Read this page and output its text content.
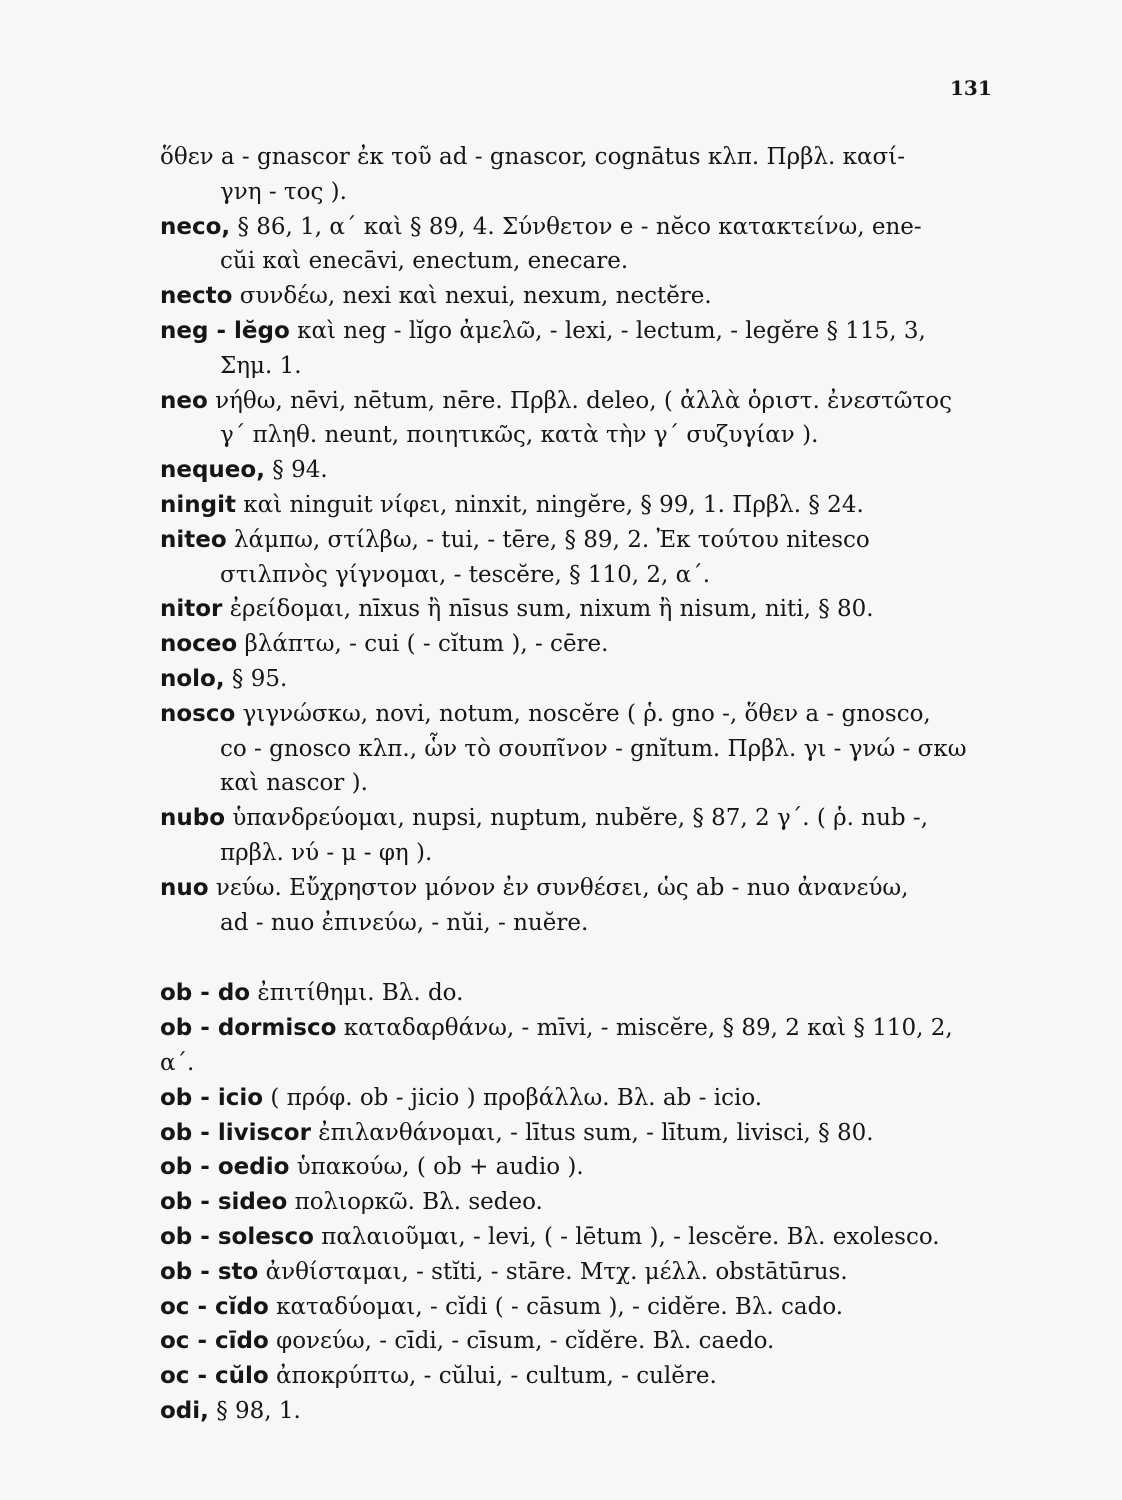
131
ὅθεν a - gnascor ἐκ τοῦ ad - gnascor, cognātus κλπ. Πρβλ. κασί-
γνη - τος ).
neco, § 86, 1, α΄ καὶ § 89, 4. Σύνθετον e - nĕco κατακτείνω, ene-
cŭi καὶ enecāvi, enectum, enecare.
necto συνδέω, nexi καὶ nexui, nexum, nectĕre.
neg - lĕgo καὶ neg - lĭgo ἀμελῶ, - lexi, - lectum, - legĕre § 115, 3,
Σημ. 1.
neo νήθω, nēvi, nētum, nēre. Πρβλ. deleo, ( ἀλλὰ ὁριστ. ἐνεστῶτος
γ΄ πληθ. neunt, ποιητικῶς, κατὰ τὴν γ΄ συζυγίαν ).
nequeo, § 94.
ningit καὶ ninguit νίφει, ninxit, ningĕre, § 99, 1. Πρβλ. § 24.
niteo λάμπω, στίλβω, - tui, - tēre, § 89, 2. Ἐκ τούτου nitesco
στιλπνὸς γίγνομαι, - tescĕre, § 110, 2, α΄.
nitor ἐρείδομαι, nīxus ἢ nīsus sum, nixum ἢ nisum, niti, § 80.
noceo βλάπτω, - cui ( - cĭtum ), - cēre.
nolo, § 95.
nosco γιγνώσκω, novi, notum, noscĕre ( ῥ. gno -, ὅθεν a - gnosco,
co - gnosco κλπ., ὧν τὸ σουπῖνον - gnĭtum. Πρβλ. γι - γνώ - σκω
καὶ nascor ).
nubo ὑπανδρεύομαι, nupsi, nuptum, nubĕre, § 87, 2 γ΄. ( ῥ. nub -,
πρβλ. νύ - μ - φη ).
nuo νεύω. Εὔχρηστον μόνον ἐν συνθέσει, ὡς ab - nuo ἀνανεύω,
ad - nuo ἐπινεύω, - nŭi, - nuĕre.
ob - do ἐπιτίθημι. Βλ. do.
ob - dormisco καταδαρθάνω, - mīvi, - miscĕre, § 89, 2 καὶ § 110, 2, α΄.
ob - icio ( πρόφ. ob - jicio ) προβάλλω. Βλ. ab - icio.
ob - liviscor ἐπιλανθάνομαι, - lītus sum, - lītum, livisci, § 80.
ob - oedio ὑπακούω, ( ob + audio ).
ob - sideo πολιορκῶ. Βλ. sedeo.
ob - solesco παλαιοῦμαι, - levi, ( - lētum ), - lescĕre. Βλ. exolesco.
ob - sto ἀνθίσταμαι, - stĭti, - stāre. Μτχ. μέλλ. obstātūrus.
oc - cĭdo καταδύομαι, - cĭdi ( - cāsum ), - cidĕre. Βλ. cado.
oc - cīdo φονεύω, - cīdi, - cīsum, - cĭdĕre. Βλ. caedo.
oc - cŭlo ἀποκρύπτω, - cŭlui, - cultum, - culĕre.
odi, § 98, 1.
